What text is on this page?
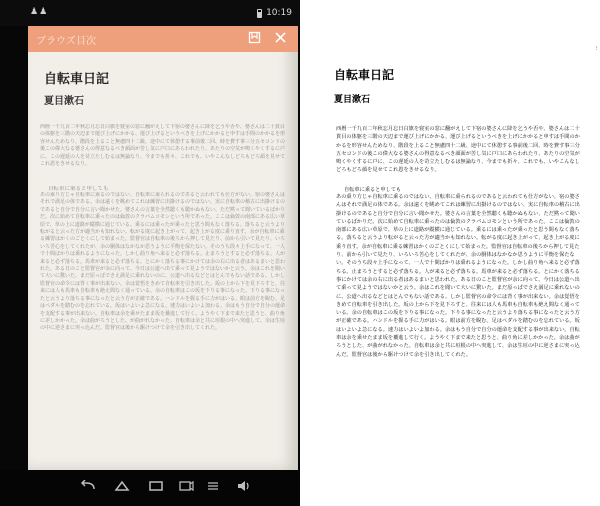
♟♟	10:19
ブラウズ 目次
自転車日記
夏目漱石
西暦一千九百二年秋忘月忘日白旗を寝室の窓に翻がえして下宿の婆さんに降を乞うや否や、婆さんは二十貫目の体躯を三階の天辺まで運び上げにかかる、運び上げるというべきを上げにかかると申すは手間のかかるを形容せんためなり、階段を上ること無慮四十二級、途中にて休憩する事前後二回、時を費す事三分五セコンドの後この偉大なる婆さんの得意なるべき顔面が苦し気に戸口にあらわれたり、あたりの空気が鳴くやくするに戸に、この遅延の人を苛立たしむるは無論なり、今までも折々、これでも、いやこんなしどろもどろ顔を見せてこれ恩をきせるなり。
自転車に乗ると申しても
あの乗り方じゃ自転車に乗るのではない、自転車に乗られるのであると云われても仕方がない。宿の婆さんはそれで満足の体である。余は遠くを眺めてこれは練習に出掛けるのではない、実に自転車の稽古に出掛けるのであると自分で自分に言い聞かせた。婆さんの言葉を全然聴くも聴かぬもない、ただ黙って聞いているばかりだ。次に始めて自転車に乗ったのは倫敦のクラパムコモンという所であった。ここは倫敦の南部にある広い草原で、草の上に道路が縦横に通じている。乗るには乗ったが乗ったと思う間もなく落ちる。落ちると云うより転がると云った方が適当かも知れない。転がる度に起き上がって、起き上がる度に乗り直す。余が自転車に乗る練習はかくのごとくにして始まった。監督官は自転車の後ろから押して見たり、前から引いて見たり、いろいろ苦心をしてくれたが、余の胴体はなかなか思うように平衡を保たない。そのうち段々上手になって、一人で十間ばかりは乗れるようになった。しかし曲り角へ来ると必ず落ちる。止まろうとすると必ず落ちる。人が来ると必ず落ちる。馬車が来ると必ず落ちる。とにかく落ちる事にかけては余の右に出る者はあるまいと思われた。ある日のこと監督官が余に向って、今日は公道へ出て乗って見ようではないかと云う。余はこれを聞いて大いに驚いた。まだ原っぱでさえ満足に乗れないのに、公道へ出るなどとはとんでもない話である。しかし監督官の命令には背く事が出来ない。余は覚悟をきめて自転車を引き出した。坂の上から下を見下ろすと、往来には人も馬車も自転車も絶え間なく通っている。余の自転車はこの坂を下りる事になった。下りる事になったと云うより落ちる事になったと云う方が正確である。ハンドルを握る手に力がはいる。眼は前方を睨む。足はペダルを踏むのを忘れている。坂はいよいよ急になる。速力はいよいよ加わる。余はもう自分で自分の運命を支配する事が出来ない。自転車は余を乗せたまま坂を驀進して行く。ようやく下まで来たと思うと、曲り角に差しかかった。余は曲がろうとした、が曲がれなかった。自転車は余と共に垣根の中へ突進して、余は生垣の中に逆さまに突っ込んだ。監督官は後から駆けつけて余を引き出してくれた。
⁝
自転車日記
夏目漱石
西暦一千九百二年秋忘月忘日白旗を寝室の窓に翻がえして下宿の婆さんに降を乞うや否や、婆さんは二十貫目の体躯を三階の天辺まで運び上げにかかる、運び上げるというべきを上げにかかると申すは手間のかかるを形容せんためなり、階段を上ること無慮四十二級、途中にて休憩する事前後二回、時を費す事三分五セコンドの後この偉大なる婆さんの得意なるべき顔面が苦し気に戸口にあらわれたり、あたりの空気が鳴くやくするに戸に、この遅延の人を苛立たしむるは無論なり、今までも折々、これでも、いやこんなしどろもどろ顔を見せてこれ恩をきせるなり。
自転車に乗ると申しても
あの乗り方じゃ自転車に乗るのではない、自転車に乗られるのであると云われても仕方がない。宿の婆さんはそれで満足の体である。余は遠くを眺めてこれは練習に出掛けるのではない、実に自転車の稽古に出掛けるのであると自分で自分に言い聞かせた。婆さんの言葉を全然聴くも聴かぬもない、ただ黙って聞いているばかりだ。次に始めて自転車に乗ったのは倫敦のクラパムコモンという所であった。ここは倫敦の南部にある広い草原で、草の上に道路が縦横に通じている。乗るには乗ったが乗ったと思う間もなく落ちる。落ちると云うより転がると云った方が適当かも知れない。転がる度に起き上がって、起き上がる度に乗り直す。余が自転車に乗る練習はかくのごとくにして始まった。監督官は自転車の後ろから押して見たり、前から引いて見たり、いろいろ苦心をしてくれたが、余の胴体はなかなか思うように平衡を保たない。そのうち段々上手になって、一人で十間ばかりは乗れるようになった。しかし曲り角へ来ると必ず落ちる。止まろうとすると必ず落ちる。人が来ると必ず落ちる。馬車が来ると必ず落ちる。とにかく落ちる事にかけては余の右に出る者はあるまいと思われた。ある日のこと監督官が余に向って、今日は公道へ出て乗って見ようではないかと云う。余はこれを聞いて大いに驚いた。まだ原っぱでさえ満足に乗れないのに、公道へ出るなどとはとんでもない話である。しかし監督官の命令には背く事が出来ない。余は覚悟をきめて自転車を引き出した。坂の上から下を見下ろすと、往来には人も馬車も自転車も絶え間なく通っている。余の自転車はこの坂を下りる事になった。下りる事になったと云うより落ちる事になったと云う方が正確である。ハンドルを握る手に力がはいる。眼は前方を睨む。足はペダルを踏むのを忘れている。坂はいよいよ急になる。速力はいよいよ加わる。余はもう自分で自分の運命を支配する事が出来ない。自転車は余を乗せたまま坂を驀進して行く。ようやく下まで来たと思うと、曲り角に差しかかった。余は曲がろうとした、が曲がれなかった。自転車は余と共に垣根の中へ突進して、余は生垣の中に逆さまに突っ込んだ。監督官は後から駆けつけて余を引き出してくれた。
